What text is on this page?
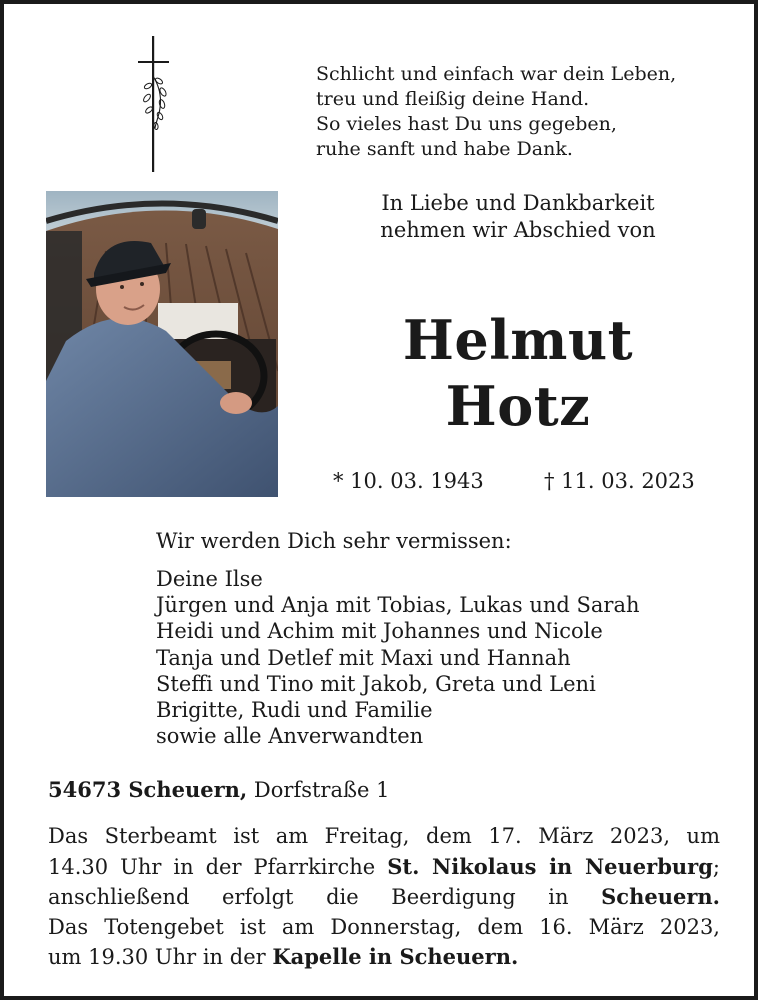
Schlicht und einfach war dein Leben,
treu und fleißig deine Hand.
So vieles hast Du uns gegeben,
ruhe sanft und habe Dank.
In Liebe und Dankbarkeit
nehmen wir Abschied von
Helmut
Hotz
* 10. 03. 1943	† 11. 03. 2023
Wir werden Dich sehr vermissen:
Deine Ilse
Jürgen und Anja mit Tobias, Lukas und Sarah
Heidi und Achim mit Johannes und Nicole
Tanja und Detlef mit Maxi und Hannah
Steffi und Tino mit Jakob, Greta und Leni
Brigitte, Rudi und Familie
sowie alle Anverwandten
54673 Scheuern, Dorfstraße 1
Das Sterbeamt ist am Freitag, dem 17. März 2023, um
14.30 Uhr in der Pfarrkirche St. Nikolaus in Neuerburg;
anschließend erfolgt die Beerdigung in Scheuern.
Das Totengebet ist am Donnerstag, dem 16. März 2023,
um 19.30 Uhr in der Kapelle in Scheuern.
